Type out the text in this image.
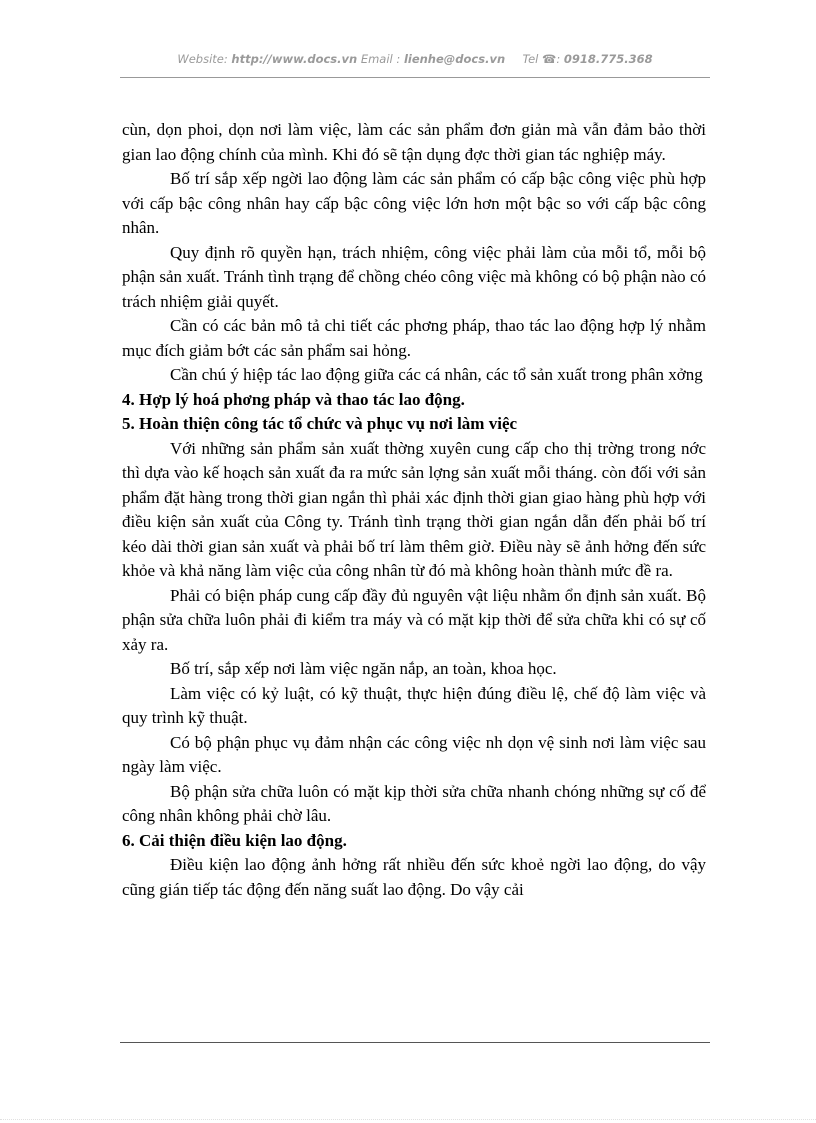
Website: http://www.docs.vn Email : lienhe@docs.vn Tel ☎: 0918.775.368

cùn, dọn phoi, dọn nơi làm việc, làm các sản phẩm đơn giản mà vẫn đảm bảo thời gian lao động chính của mình. Khi đó sẽ tận dụng đợc thời gian tác nghiệp máy.

Bố trí sắp xếp ngời lao động làm các sản phẩm có cấp bậc công việc phù hợp với cấp bậc công nhân hay cấp bậc công việc lớn hơn một bậc so với cấp bậc công nhân.

Quy định rõ quyền hạn, trách nhiệm, công việc phải làm của mỗi tổ, mỗi bộ phận sản xuất. Tránh tình trạng để chồng chéo công việc mà không có bộ phận nào có trách nhiệm giải quyết.

Cần có các bản mô tả chi tiết các phơng pháp, thao tác lao động hợp lý nhằm mục đích giảm bớt các sản phẩm sai hỏng.

Cần chú ý hiệp tác lao động giữa các cá nhân, các tổ sản xuất trong phân xởng

4. Hợp lý hoá phơng pháp và thao tác lao động.

5. Hoàn thiện công tác tổ chức và phục vụ nơi làm việc

Với những sản phẩm sản xuất thờng xuyên cung cấp cho thị trờng trong nớc thì dựa vào kế hoạch sản xuất đa ra mức sản lợng sản xuất mỗi tháng. còn đối với sản phẩm đặt hàng trong thời gian ngắn thì phải xác định thời gian giao hàng phù hợp với điều kiện sản xuất của Công ty. Tránh tình trạng thời gian ngắn dẫn đến phải bố trí kéo dài thời gian sản xuất và phải bố trí làm thêm giờ. Điều này sẽ ảnh hởng đến sức khỏe và khả năng làm việc của công nhân từ đó mà không hoàn thành mức đề ra.

Phải có biện pháp cung cấp đầy đủ nguyên vật liệu nhằm ổn định sản xuất. Bộ phận sửa chữa luôn phải đi kiểm tra máy và có mặt kịp thời để sửa chữa khi có sự cố xảy ra.

Bố trí, sắp xếp nơi làm việc ngăn nắp, an toàn, khoa học.

Làm việc có kỷ luật, có kỹ thuật, thực hiện đúng điều lệ, chế độ làm việc và quy trình kỹ thuật.

Có bộ phận phục vụ đảm nhận các công việc nh dọn vệ sinh nơi làm việc sau ngày làm việc.

Bộ phận sửa chữa luôn có mặt kịp thời sửa chữa nhanh chóng những sự cố để công nhân không phải chờ lâu.

6. Cải thiện điều kiện lao động.

Điều kiện lao động ảnh hởng rất nhiều đến sức khoẻ ngời lao động, do vậy cũng gián tiếp tác động đến năng suất lao động. Do vậy cải
